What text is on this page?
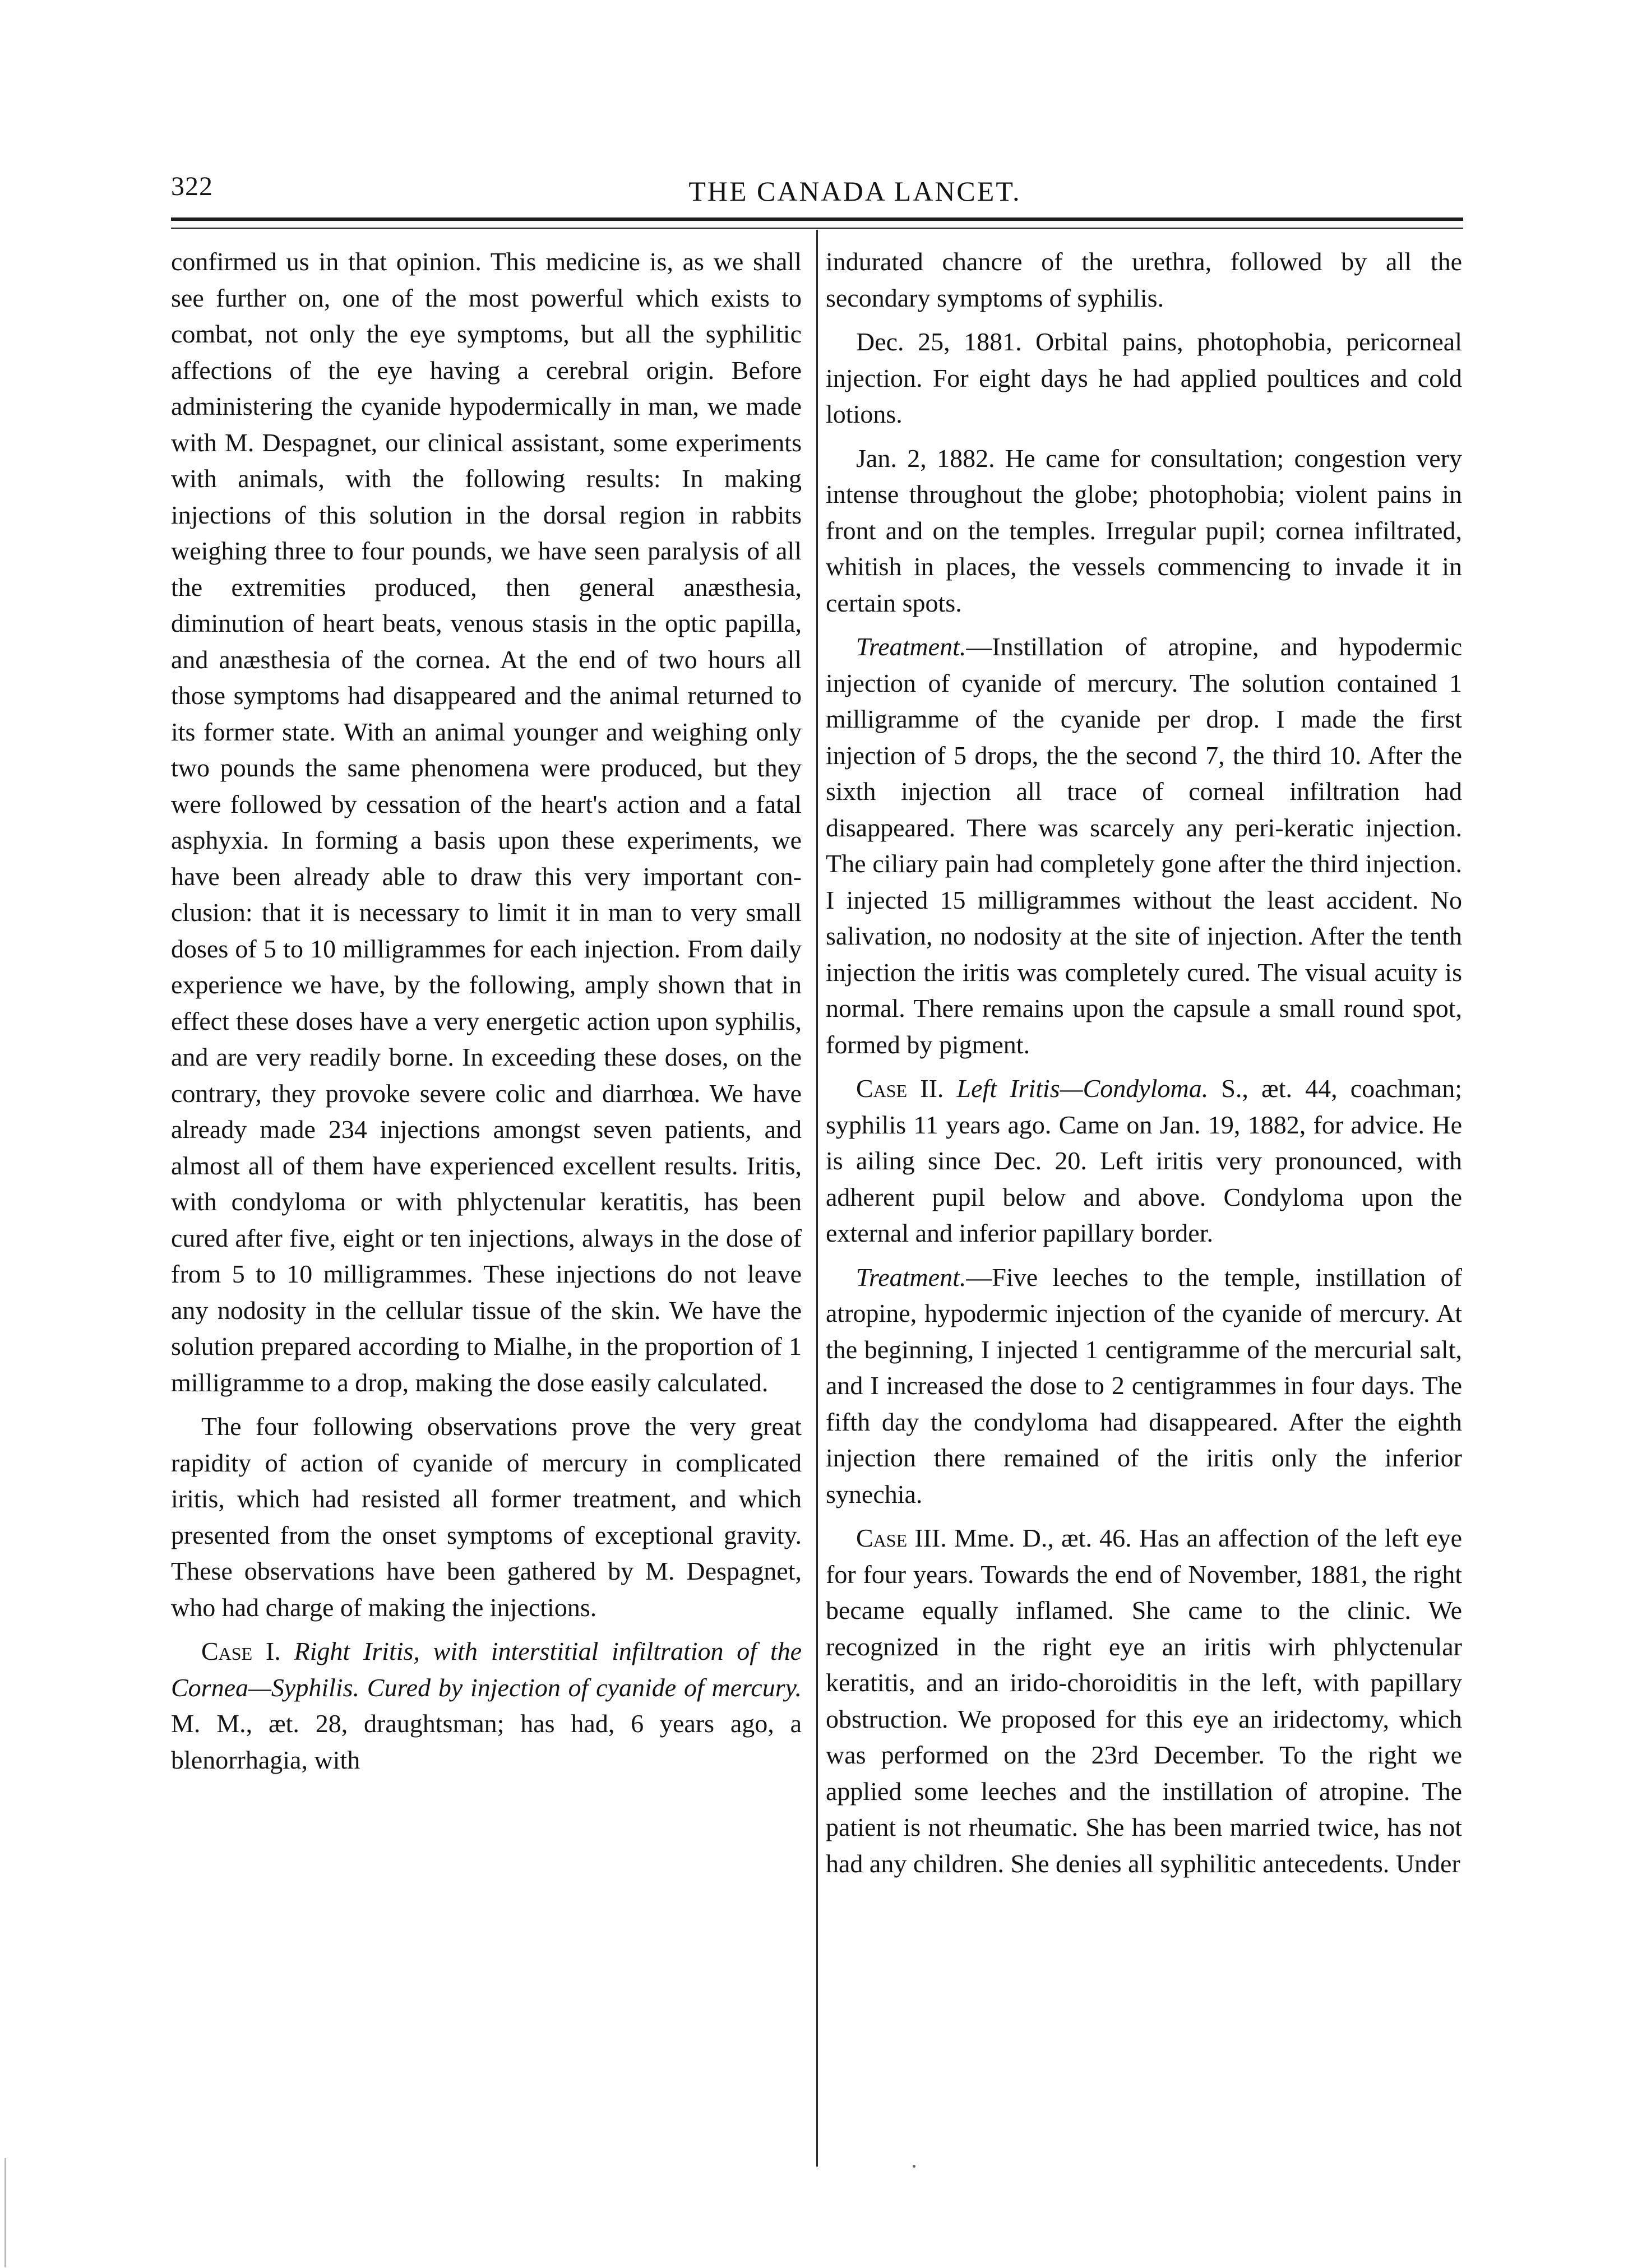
322	THE CANADA LANCET.

confirmed us in that opinion. This medicine is, as we shall see further on, one of the most powerful which exists to combat, not only the eye symptoms, but all the syphilitic affections of the eye having a cerebral origin. Before administering the cyanide hypodermically in man, we made with M. Despagnet, our clinical assistant, some experiments with animals, with the following results: In making injections of this solution in the dorsal region in rabbits weighing three to four pounds, we have seen paralysis of all the extremities produced, then general anæsthesia, diminution of heart beats, venous stasis in the optic papilla, and anæsthesia of the cornea. At the end of two hours all those symptoms had disappeared and the animal returned to its former state. With an animal younger and weighing only two pounds the same phenomena were produced, but they were followed by cessation of the heart's action and a fatal asphyxia. In forming a basis upon these experiments, we have been already able to draw this very important conclusion: that it is necessary to limit it in man to very small doses of 5 to 10 milligrammes for each injection. From daily experience we have, by the following, amply shown that in effect these doses have a very energetic action upon syphilis, and are very readily borne. In exceeding these doses, on the contrary, they provoke severe colic and diarrhœa. We have already made 234 injections amongst seven patients, and almost all of them have experienced excellent results. Iritis, with condyloma or with phlyctenular keratitis, has been cured after five, eight or ten injections, always in the dose of from 5 to 10 milligrammes. These injections do not leave any nodosity in the cellular tissue of the skin. We have the solution prepared according to Mialhe, in the proportion of 1 milligramme to a drop, making the dose easily calculated.

The four following observations prove the very great rapidity of action of cyanide of mercury in complicated iritis, which had resisted all former treatment, and which presented from the onset symptoms of exceptional gravity. These observations have been gathered by M. Despagnet, who had charge of making the injections.

Case I. Right Iritis, with interstitial infiltration of the Cornea—Syphilis. Cured by injection of cyanide of mercury. M. M., æt. 28, draughtsman; has had, 6 years ago, a blenorrhagia, with

indurated chancre of the urethra, followed by all the secondary symptoms of syphilis.

Dec. 25, 1881. Orbital pains, photophobia, pericorneal injection. For eight days he had applied poultices and cold lotions.

Jan. 2, 1882. He came for consultation; congestion very intense throughout the globe; photophobia; violent pains in front and on the temples. Irregular pupil; cornea infiltrated, whitish in places, the vessels commencing to invade it in certain spots.

Treatment.—Instillation of atropine, and hypodermic injection of cyanide of mercury. The solution contained 1 milligramme of the cyanide per drop. I made the first injection of 5 drops, the the second 7, the third 10. After the sixth injection all trace of corneal infiltration had disappeared. There was scarcely any peri-keratic injection. The ciliary pain had completely gone after the third injection. I injected 15 milligrammes without the least accident. No salivation, no nodosity at the site of injection. After the tenth injection the iritis was completely cured. The visual acuity is normal. There remains upon the capsule a small round spot, formed by pigment.

Case II. Left Iritis—Condyloma. S., æt. 44, coachman; syphilis 11 years ago. Came on Jan. 19, 1882, for advice. He is ailing since Dec. 20. Left iritis very pronounced, with adherent pupil below and above. Condyloma upon the external and inferior papillary border.

Treatment.—Five leeches to the temple, instillation of atropine, hypodermic injection of the cyanide of mercury. At the beginning, I injected 1 centigramme of the mercurial salt, and I increased the dose to 2 centigrammes in four days. The fifth day the condyloma had disappeared. After the eighth injection there remained of the iritis only the inferior synechia.

Case III. Mme. D., æt. 46. Has an affection of the left eye for four years. Towards the end of November, 1881, the right became equally inflamed. She came to the clinic. We recognized in the right eye an iritis wirh phlyctenular keratitis, and an irido-choroiditis in the left, with papillary obstruction. We proposed for this eye an iridectomy, which was performed on the 23rd December. To the right we applied some leeches and the instillation of atropine. The patient is not rheumatic. She has been married twice, has not had any children. She denies all syphilitic antecedents. Under
